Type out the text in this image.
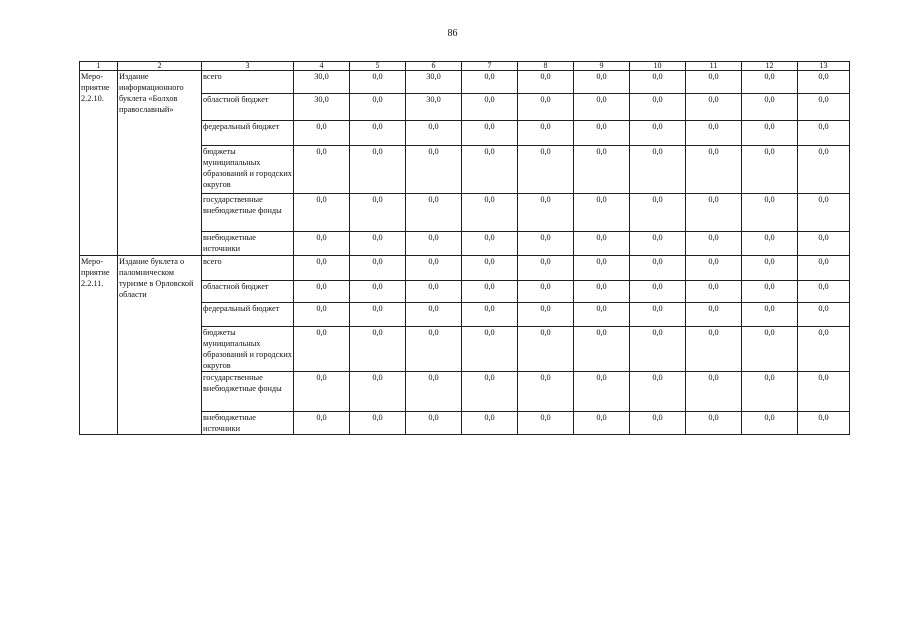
86
1	2	3	4	5	6	7	8	9	10	11	12	13

Меро-
приятие
2.2.10.	Издание информационного буклета «Болхов православный»	всего	30,0	0,0	30,0	0,0	0,0	0,0	0,0	0,0	0,0	0,0
		областной бюджет	30,0	0,0	30,0	0,0	0,0	0,0	0,0	0,0	0,0	0,0
		федеральный бюджет	0,0	0,0	0,0	0,0	0,0	0,0	0,0	0,0	0,0	0,0
		бюджеты муниципальных образований и городских округов	0,0	0,0	0,0	0,0	0,0	0,0	0,0	0,0	0,0	0,0
		государственные внебюджетные фонды	0,0	0,0	0,0	0,0	0,0	0,0	0,0	0,0	0,0	0,0
		внебюджетные источники	0,0	0,0	0,0	0,0	0,0	0,0	0,0	0,0	0,0	0,0

Меро-
приятие
2.2.11.	Издание буклета о паломническом туризме в Орловской области	всего	0,0	0,0	0,0	0,0	0,0	0,0	0,0	0,0	0,0	0,0
		областной бюджет	0,0	0,0	0,0	0,0	0,0	0,0	0,0	0,0	0,0	0,0
		федеральный бюджет	0,0	0,0	0,0	0,0	0,0	0,0	0,0	0,0	0,0	0,0
		бюджеты муниципальных образований и городских округов	0,0	0,0	0,0	0,0	0,0	0,0	0,0	0,0	0,0	0,0
		государственные внебюджетные фонды	0,0	0,0	0,0	0,0	0,0	0,0	0,0	0,0	0,0	0,0
		внебюджетные источники	0,0	0,0	0,0	0,0	0,0	0,0	0,0	0,0	0,0	0,0
